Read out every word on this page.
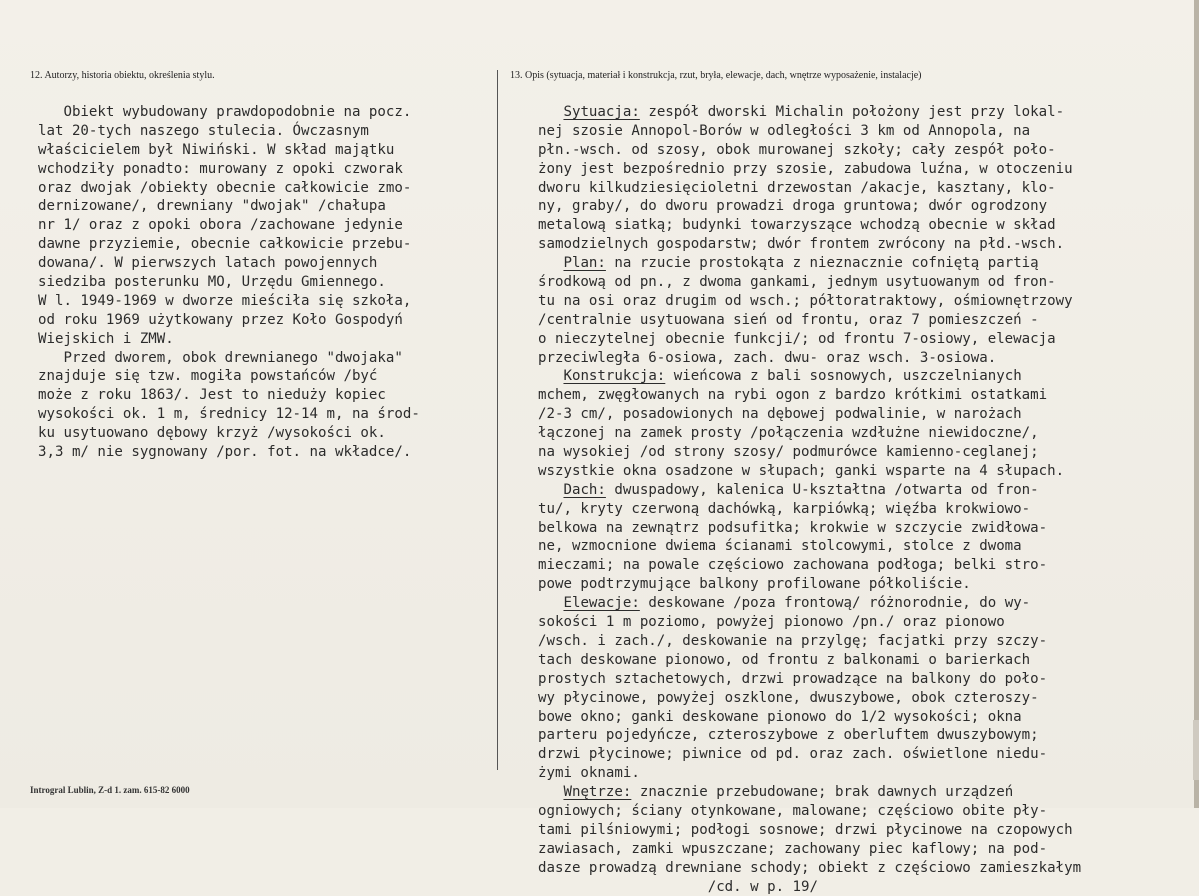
12. Autorzy, historia obiektu, określenia stylu.	13. Opis (sytuacja, materiał i konstrukcja, rzut, bryła, elewacje, dach, wnętrze wyposażenie, instalacje)
Obiekt wybudowany prawdopodobnie na pocz.
lat 20-tych naszego stulecia. Ówczasnym
właścicielem był Niwiński. W skład majątku
wchodziły ponadto: murowany z opoki czworak
oraz dwojak /obiekty obecnie całkowicie zmo-
dernizowane/, drewniany "dwojak" /chałupa
nr 1/ oraz z opoki obora /zachowane jedynie
dawne przyziemie, obecnie całkowicie przebu-
dowana/. W pierwszych latach powojennych
siedziba posterunku MO, Urzędu Gmiennego.
W l. 1949-1969 w dworze mieściła się szkoła,
od roku 1969 użytkowany przez Koło Gospodyń
Wiejskich i ZMW.
Przed dworem, obok drewnianego "dwojaka"
znajduje się tzw. mogiła powstańców /być
może z roku 1863/. Jest to nieduży kopiec
wysokości ok. 1 m, średnicy 12-14 m, na środ-
ku usytuowano dębowy krzyż /wysokości ok.
3,3 m/ nie sygnowany /por. fot. na wkładce/.
Sytuacja: zespół dworski Michalin położony jest przy lokal-
nej szosie Annopol-Borów w odległości 3 km od Annopola, na
płn.-wsch. od szosy, obok murowanej szkoły; cały zespół poło-
żony jest bezpośrednio przy szosie, zabudowa luźna, w otoczeniu
dworu kilkudziesięcioletni drzewostan /akacje, kasztany, klo-
ny, graby/, do dworu prowadzi droga gruntowa; dwór ogrodzony
metalową siatką; budynki towarzyszące wchodzą obecnie w skład
samodzielnych gospodarstw; dwór frontem zwrócony na płd.-wsch.
Plan: na rzucie prostokąta z nieznacznie cofniętą partią
środkową od pn., z dwoma gankami, jednym usytuowanym od fron-
tu na osi oraz drugim od wsch.; półtoratraktowy, ośmiownętrzowy
/centralnie usytuowana sień od frontu, oraz 7 pomieszczeń -
o nieczytelnej obecnie funkcji/; od frontu 7-osiowy, elewacja
przeciwległa 6-osiowa, zach. dwu- oraz wsch. 3-osiowa.
Konstrukcja: wieńcowa z bali sosnowych, uszczelnianych
mchem, zwęgłowanych na rybi ogon z bardzo krótkimi ostatkami
/2-3 cm/, posadowionych na dębowej podwalinie, w narożach
łączonej na zamek prosty /połączenia wzdłużne niewidoczne/,
na wysokiej /od strony szosy/ podmurówce kamienno-ceglanej;
wszystkie okna osadzone w słupach; ganki wsparte na 4 słupach.
Dach: dwuspadowy, kalenica U-kształtna /otwarta od fron-
tu/, kryty czerwoną dachówką, karpiówką; więźba krokwiowo-
belkowa na zewnątrz podsufitka; krokwie w szczycie zwidłowa-
ne, wzmocnione dwiema ścianami stolcowymi, stolce z dwoma
mieczami; na powale częściowo zachowana podłoga; belki stro-
powe podtrzymujące balkony profilowane półkoliście.
Elewacje: deskowane /poza frontową/ różnorodnie, do wy-
sokości 1 m poziomo, powyżej pionowo /pn./ oraz pionowo
/wsch. i zach./, deskowanie na przylgę; facjatki przy szczy-
tach deskowane pionowo, od frontu z balkonami o barierkach
prostych sztachetowych, drzwi prowadzące na balkony do poło-
wy płycinowe, powyżej oszklone, dwuszybowe, obok czteroszy-
bowe okno; ganki deskowane pionowo do 1/2 wysokości; okna
parteru pojedyńcze, czteroszybowe z oberluftem dwuszybowym;
drzwi płycinowe; piwnice od pd. oraz zach. oświetlone niedu-
żymi oknami.
Wnętrze: znacznie przebudowane; brak dawnych urządzeń
ogniowych; ściany otynkowane, malowane; częściowo obite pły-
tami pilśniowymi; podłogi sosnowe; drzwi płycinowe na czopowych
zawiasach, zamki wpuszczane; zachowany piec kaflowy; na pod-
dasze prowadzą drewniane schody; obiekt z częściowo zamieszkałym
/cd. w p. 19/
Introgral Lublin, Z-d 1. zam. 615-82 6000
